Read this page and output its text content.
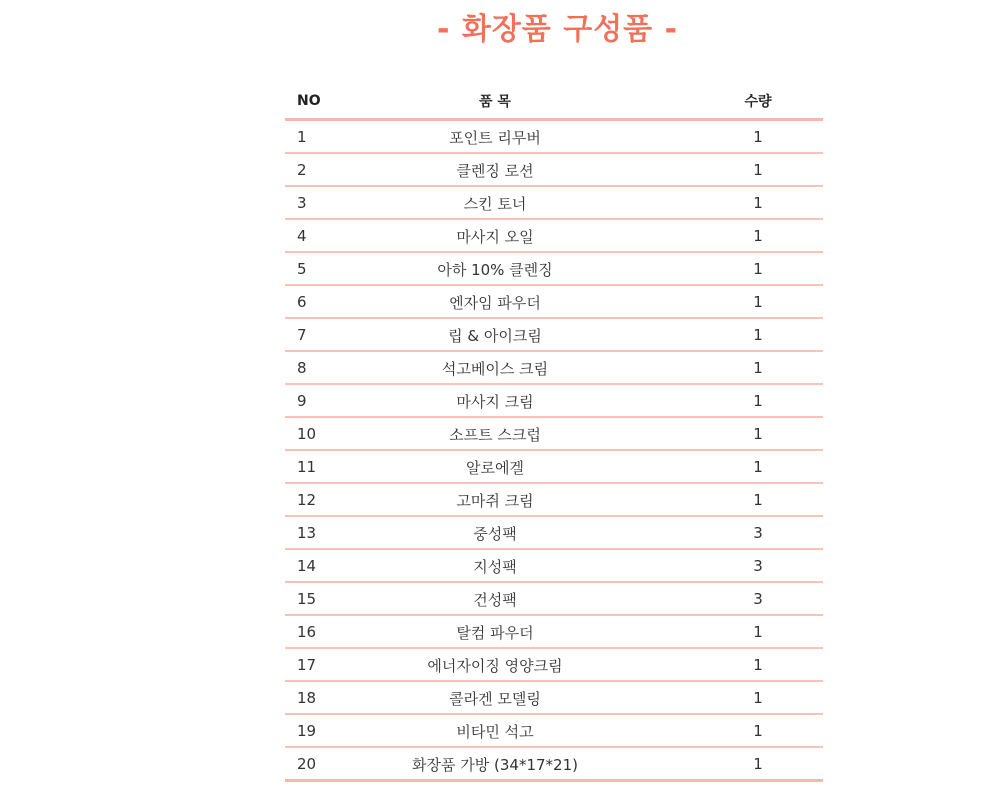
- 화장품 구성품 -
NO	품 목	수량
1	포인트 리무버	1
2	클렌징 로션	1
3	스킨 토너	1
4	마사지 오일	1
5	아하 10% 클렌징	1
6	엔자임 파우더	1
7	립 & 아이크림	1
8	석고베이스 크림	1
9	마사지 크림	1
10	소프트 스크럽	1
11	알로에겔	1
12	고마쥐 크림	1
13	중성팩	3
14	지성팩	3
15	건성팩	3
16	탈컴 파우더	1
17	에너자이징 영양크림	1
18	콜라겐 모델링	1
19	비타민 석고	1
20	화장품 가방 (34*17*21)	1
